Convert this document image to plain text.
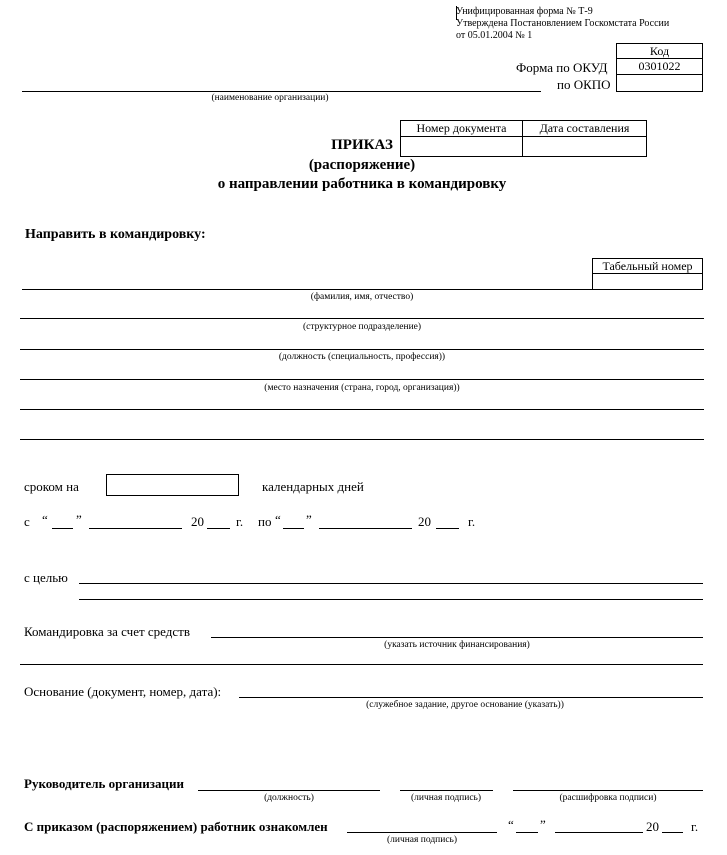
Унифицированная форма № Т-9
Утверждена Постановлением Госкомстата России
от 05.01.2004 № 1
Код
0301022
Форма по ОКУД
по ОКПО
(наименование организации)
Номер документа	Дата составления
ПРИКАЗ
(распоряжение)
о направлении работника в командировку
Направить в командировку:
Табельный номер
(фамилия, имя, отчество)
(структурное подразделение)
(должность (специальность, профессия))
(место назначения (страна, город, организация))
сроком на	календарных дней
с “ ”	20 г. по “ ”	20	г.
с целью
Командировка за счет средств
(указать источник финансирования)
Основание (документ, номер, дата):
(служебное задание, другое основание (указать))
Руководитель организации
(должность)	(личная подпись)	(расшифровка подписи)
С приказом (распоряжением) работник ознакомлен
(личная подпись)
“ ”	20 г.
